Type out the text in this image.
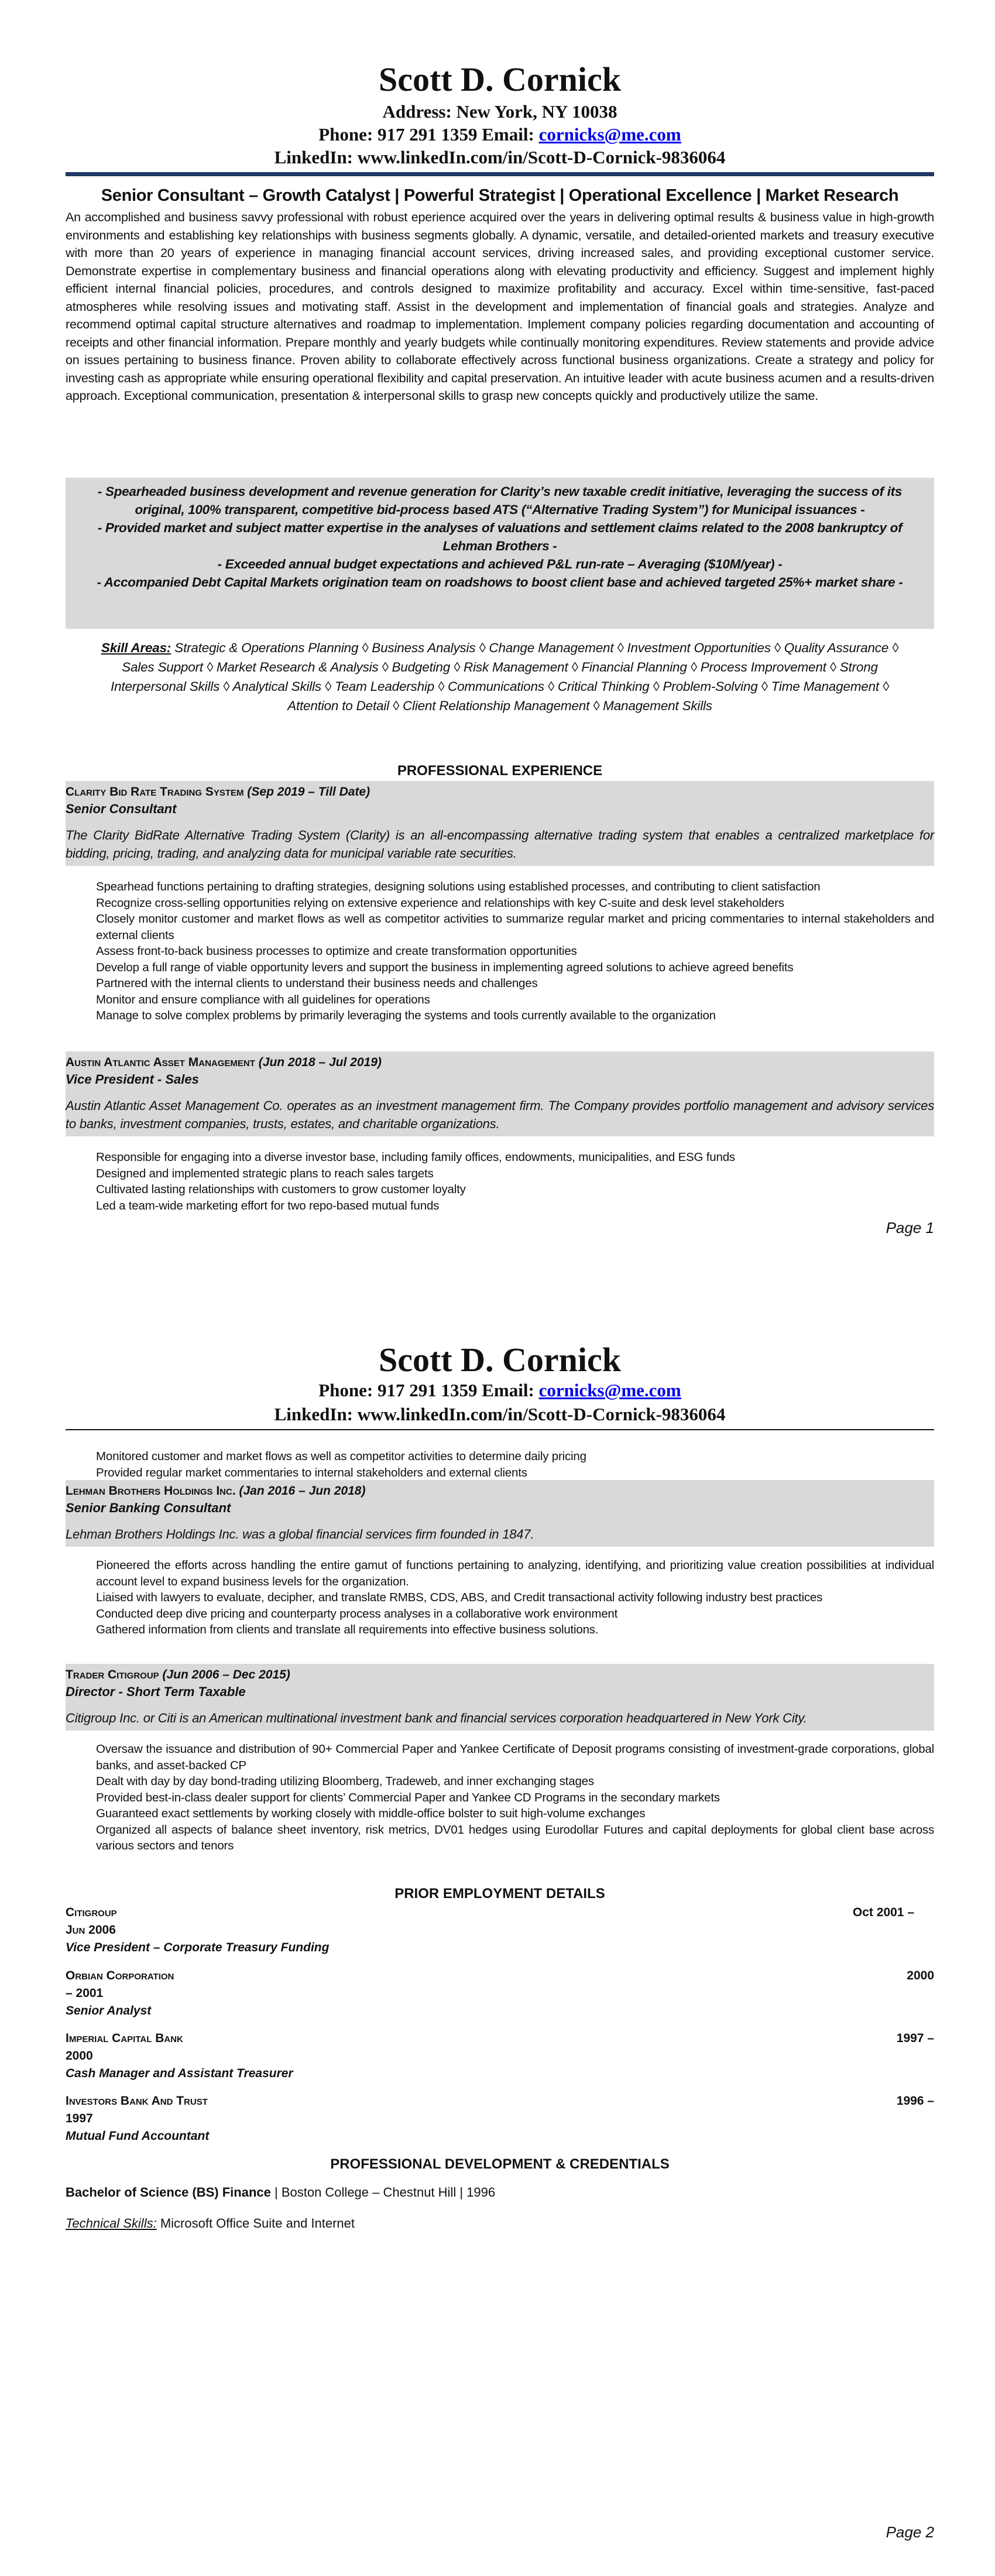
Scott D. Cornick
Address: New York, NY 10038
Phone: 917 291 1359 Email: cornicks@me.com
LinkedIn: www.linkedIn.com/in/Scott-D-Cornick-9836064
Senior Consultant – Growth Catalyst | Powerful Strategist | Operational Excellence | Market Research
An accomplished and business savvy professional with robust eperience acquired over the years in delivering optimal results & business value in high-growth environments and establishing key relationships with business segments globally. A dynamic, versatile, and detailed-oriented markets and treasury executive with more than 20 years of experience in managing financial account services, driving increased sales, and providing exceptional customer service. Demonstrate expertise in complementary business and financial operations along with elevating productivity and efficiency. Suggest and implement highly efficient internal financial policies, procedures, and controls designed to maximize profitability and accuracy. Excel within time-sensitive, fast-paced atmospheres while resolving issues and motivating staff. Assist in the development and implementation of financial goals and strategies. Analyze and recommend optimal capital structure alternatives and roadmap to implementation. Implement company policies regarding documentation and accounting of receipts and other financial information. Prepare monthly and yearly budgets while continually monitoring expenditures. Review statements and provide advice on issues pertaining to business finance. Proven ability to collaborate effectively across functional business organizations. Create a strategy and policy for investing cash as appropriate while ensuring operational flexibility and capital preservation. An intuitive leader with acute business acumen and a results-driven approach. Exceptional communication, presentation & interpersonal skills to grasp new concepts quickly and productively utilize the same.
- Spearheaded business development and revenue generation for Clarity’s new taxable credit initiative, leveraging the success of its original, 100% transparent, competitive bid-process based ATS (“Alternative Trading System”) for Municipal issuances -
- Provided market and subject matter expertise in the analyses of valuations and settlement claims related to the 2008 bankruptcy of Lehman Brothers -
- Exceeded annual budget expectations and achieved P&L run-rate – Averaging ($10M/year) -
- Accompanied Debt Capital Markets origination team on roadshows to boost client base and achieved targeted 25%+ market share -
Skill Areas: Strategic & Operations Planning ◊ Business Analysis ◊ Change Management ◊ Investment Opportunities ◊ Quality Assurance ◊ Sales Support ◊ Market Research & Analysis ◊ Budgeting ◊ Risk Management ◊ Financial Planning ◊ Process Improvement ◊ Strong Interpersonal Skills ◊ Analytical Skills ◊ Team Leadership ◊ Communications ◊ Critical Thinking ◊ Problem-Solving ◊ Time Management ◊ Attention to Detail ◊ Client Relationship Management ◊ Management Skills
PROFESSIONAL EXPERIENCE
Clarity Bid Rate Trading System (Sep 2019 – Till Date)
Senior Consultant
The Clarity BidRate Alternative Trading System (Clarity) is an all-encompassing alternative trading system that enables a centralized marketplace for bidding, pricing, trading, and analyzing data for municipal variable rate securities.
Spearhead functions pertaining to drafting strategies, designing solutions using established processes, and contributing to client satisfaction
Recognize cross-selling opportunities relying on extensive experience and relationships with key C-suite and desk level stakeholders
Closely monitor customer and market flows as well as competitor activities to summarize regular market and pricing commentaries to internal stakeholders and external clients
Assess front-to-back business processes to optimize and create transformation opportunities
Develop a full range of viable opportunity levers and support the business in implementing agreed solutions to achieve agreed benefits
Partnered with the internal clients to understand their business needs and challenges
Monitor and ensure compliance with all guidelines for operations
Manage to solve complex problems by primarily leveraging the systems and tools currently available to the organization
Austin Atlantic Asset Management (Jun 2018 – Jul 2019)
Vice President - Sales
Austin Atlantic Asset Management Co. operates as an investment management firm. The Company provides portfolio management and advisory services to banks, investment companies, trusts, estates, and charitable organizations.
Responsible for engaging into a diverse investor base, including family offices, endowments, municipalities, and ESG funds
Designed and implemented strategic plans to reach sales targets
Cultivated lasting relationships with customers to grow customer loyalty
Led a team-wide marketing effort for two repo-based mutual funds
Page 1
Scott D. Cornick
Phone: 917 291 1359 Email: cornicks@me.com
LinkedIn: www.linkedIn.com/in/Scott-D-Cornick-9836064
Monitored customer and market flows as well as competitor activities to determine daily pricing
Provided regular market commentaries to internal stakeholders and external clients
Lehman Brothers Holdings Inc. (Jan 2016 – Jun 2018)
Senior Banking Consultant
Lehman Brothers Holdings Inc. was a global financial services firm founded in 1847.
Pioneered the efforts across handling the entire gamut of functions pertaining to analyzing, identifying, and prioritizing value creation possibilities at individual account level to expand business levels for the organization.
Liaised with lawyers to evaluate, decipher, and translate RMBS, CDS, ABS, and Credit transactional activity following industry best practices
Conducted deep dive pricing and counterparty process analyses in a collaborative work environment
Gathered information from clients and translate all requirements into effective business solutions.
Trader Citigroup (Jun 2006 – Dec 2015)
Director - Short Term Taxable
Citigroup Inc. or Citi is an American multinational investment bank and financial services corporation headquartered in New York City.
Oversaw the issuance and distribution of 90+ Commercial Paper and Yankee Certificate of Deposit programs consisting of investment-grade corporations, global banks, and asset-backed CP
Dealt with day by day bond-trading utilizing Bloomberg, Tradeweb, and inner exchanging stages
Provided best-in-class dealer support for clients’ Commercial Paper and Yankee CD Programs in the secondary markets
Guaranteed exact settlements by working closely with middle-office bolster to suit high-volume exchanges
Organized all aspects of balance sheet inventory, risk metrics, DV01 hedges using Eurodollar Futures and capital deployments for global client base across various sectors and tenors
PRIOR EMPLOYMENT DETAILS
Citigroup	Oct 2001 –
Jun 2006
Vice President – Corporate Treasury Funding
Orbian Corporation	2000
– 2001
Senior Analyst
Imperial Capital Bank	1997 –
2000
Cash Manager and Assistant Treasurer
Investors Bank And Trust	1996 –
1997
Mutual Fund Accountant
PROFESSIONAL DEVELOPMENT & CREDENTIALS
Bachelor of Science (BS) Finance | Boston College – Chestnut Hill | 1996
Technical Skills: Microsoft Office Suite and Internet
Page 2
